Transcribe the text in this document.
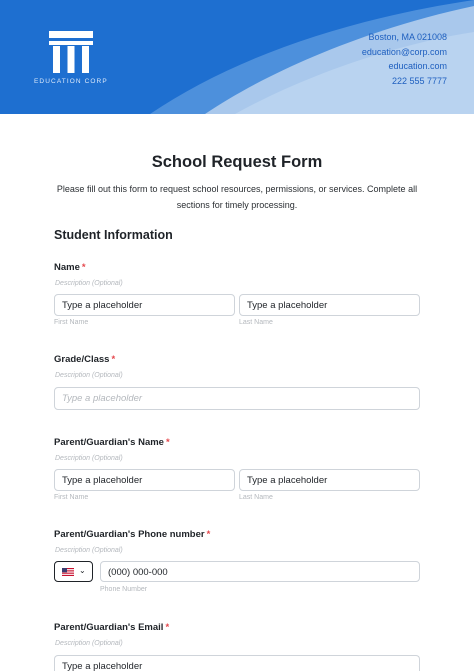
EDUCATION CORP
Boston, MA 021008
education@corp.com
education.com
222 555 7777
School Request Form
Please fill out this form to request school resources, permissions, or services. Complete all sections for timely processing.
Student Information
Name *
Description (Optional)
Type a placeholder	Type a placeholder
First Name	Last Name
Grade/Class *
Description (Optional)
Type a placeholder
Parent/Guardian's Name *
Description (Optional)
Type a placeholder	Type a placeholder
First Name	Last Name
Parent/Guardian's Phone number *
Description (Optional)
⌄	(000) 000-000
Phone Number
Parent/Guardian's Email *
Description (Optional)
Type a placeholder
